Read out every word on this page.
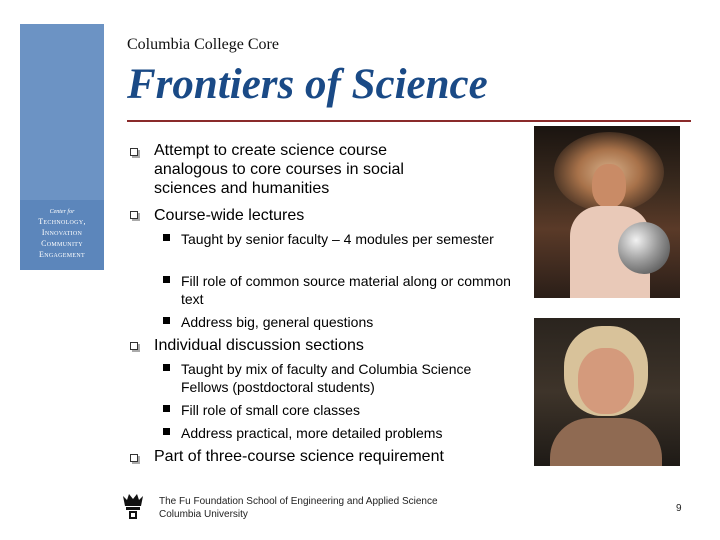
Center for
Technology,
Innovation
Community
Engagement
Columbia College Core
Frontiers of Science
Attempt to create science course analogous to core courses in social sciences and humanities
Course-wide lectures
Taught by senior faculty – 4 modules per semester
Fill role of common source material along or common text
Address big, general questions
Individual discussion sections
Taught by mix of faculty and Columbia Science Fellows (postdoctoral students)
Fill role of small core classes
Address practical, more detailed problems
Part of three-course science requirement
The Fu Foundation School of Engineering and Applied Science
Columbia University
9
